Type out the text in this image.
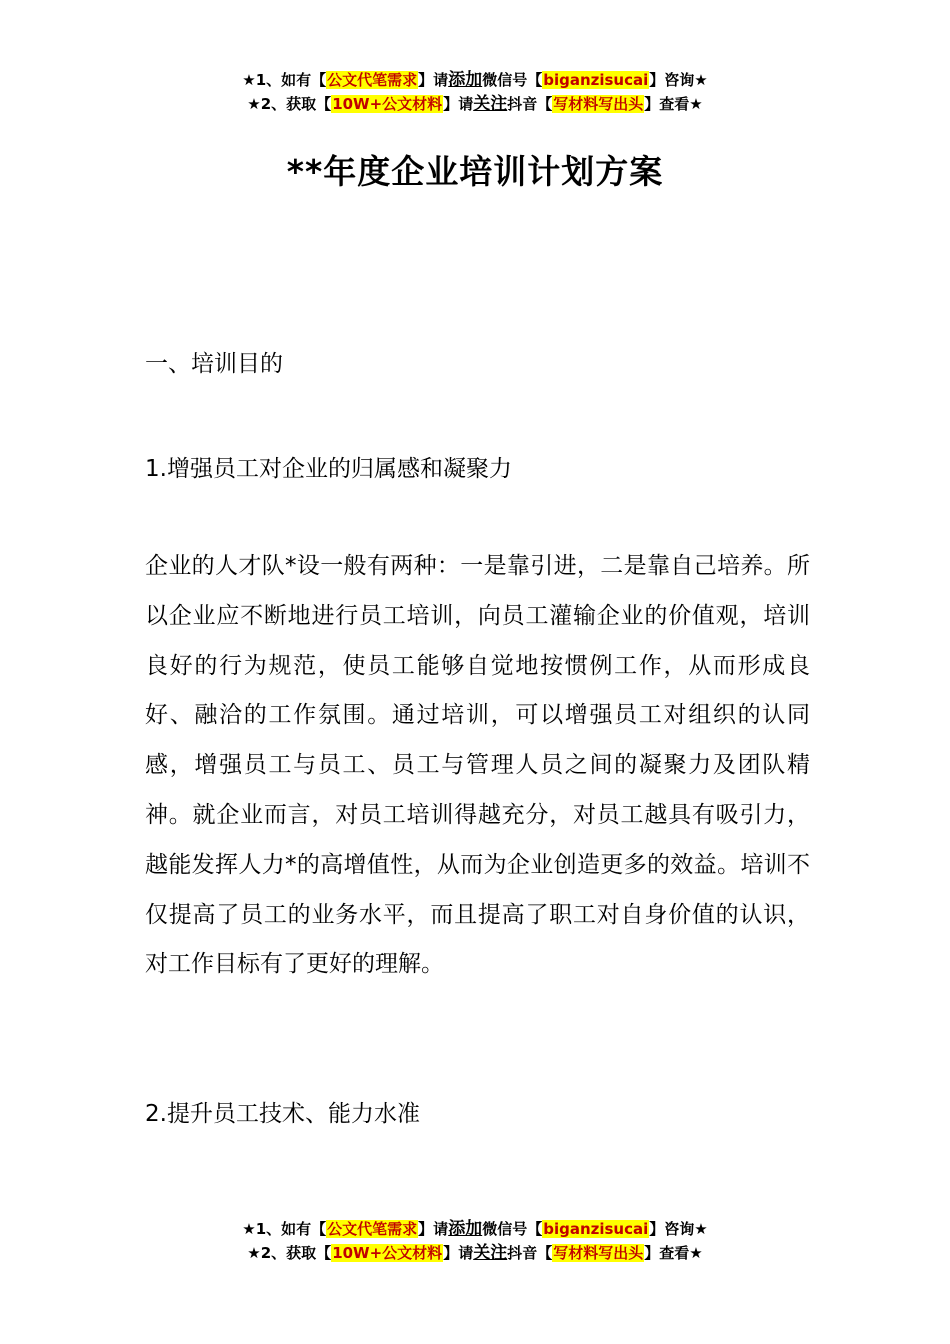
★1、如有【公文代笔需求】请添加微信号【biganzisucai】咨询★
★2、获取【10W+公文材料】请关注抖音【写材料写出头】查看★
**年度企业培训计划方案
一、培训目的
1.增强员工对企业的归属感和凝聚力
企业的人才队*设一般有两种：一是靠引进，二是靠自己培养。所以企业应不断地进行员工培训，向员工灌输企业的价值观，培训良好的行为规范，使员工能够自觉地按惯例工作，从而形成良好、融洽的工作氛围。通过培训，可以增强员工对组织的认同感，增强员工与员工、员工与管理人员之间的凝聚力及团队精神。就企业而言，对员工培训得越充分，对员工越具有吸引力，越能发挥人力*的高增值性，从而为企业创造更多的效益。培训不仅提高了员工的业务水平，而且提高了职工对自身价值的认识，对工作目标有了更好的理解。
2.提升员工技术、能力水准
★1、如有【公文代笔需求】请添加微信号【biganzisucai】咨询★
★2、获取【10W+公文材料】请关注抖音【写材料写出头】查看★
